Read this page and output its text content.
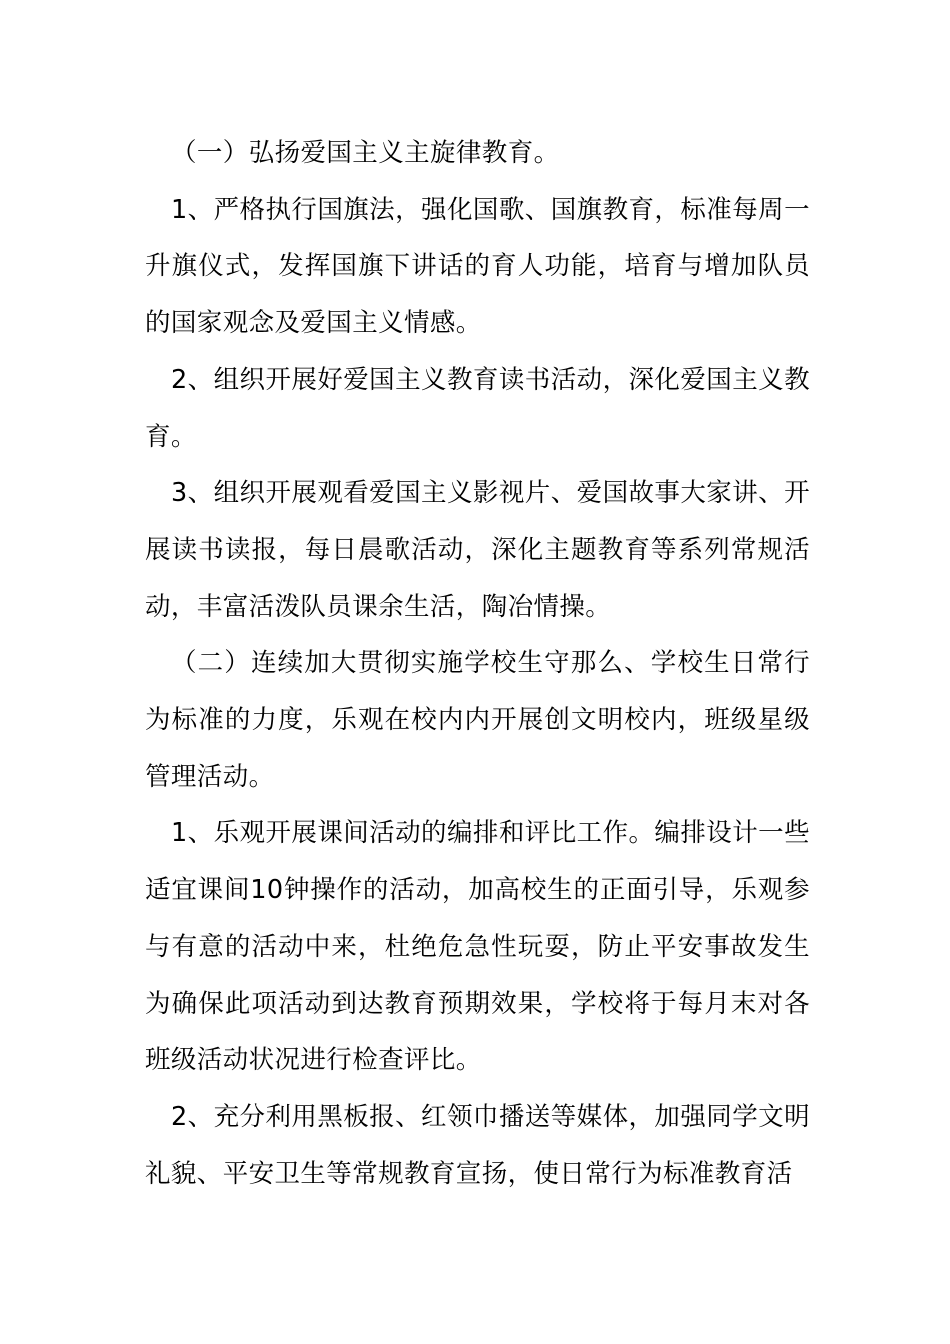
（一）弘扬爱国主义主旋律教育。

1、严格执行国旗法，强化国歌、国旗教育，标准每周一升旗仪式，发挥国旗下讲话的育人功能，培育与增加队员的国家观念及爱国主义情感。

2、组织开展好爱国主义教育读书活动，深化爱国主义教育。

3、组织开展观看爱国主义影视片、爱国故事大家讲、开展读书读报，每日晨歌活动，深化主题教育等系列常规活动，丰富活泼队员课余生活，陶冶情操。

（二）连续加大贯彻实施学校生守那么、学校生日常行为标准的力度，乐观在校内内开展创文明校内，班级星级管理活动。

1、乐观开展课间活动的编排和评比工作。编排设计一些适宜课间10钟操作的活动，加高校生的正面引导，乐观参与有意的活动中来，杜绝危急性玩耍，防止平安事故发生为确保此项活动到达教育预期效果，学校将于每月末对各班级活动状况进行检查评比。

2、充分利用黑板报、红领巾播送等媒体，加强同学文明礼貌、平安卫生等常规教育宣扬，使日常行为标准教育活
